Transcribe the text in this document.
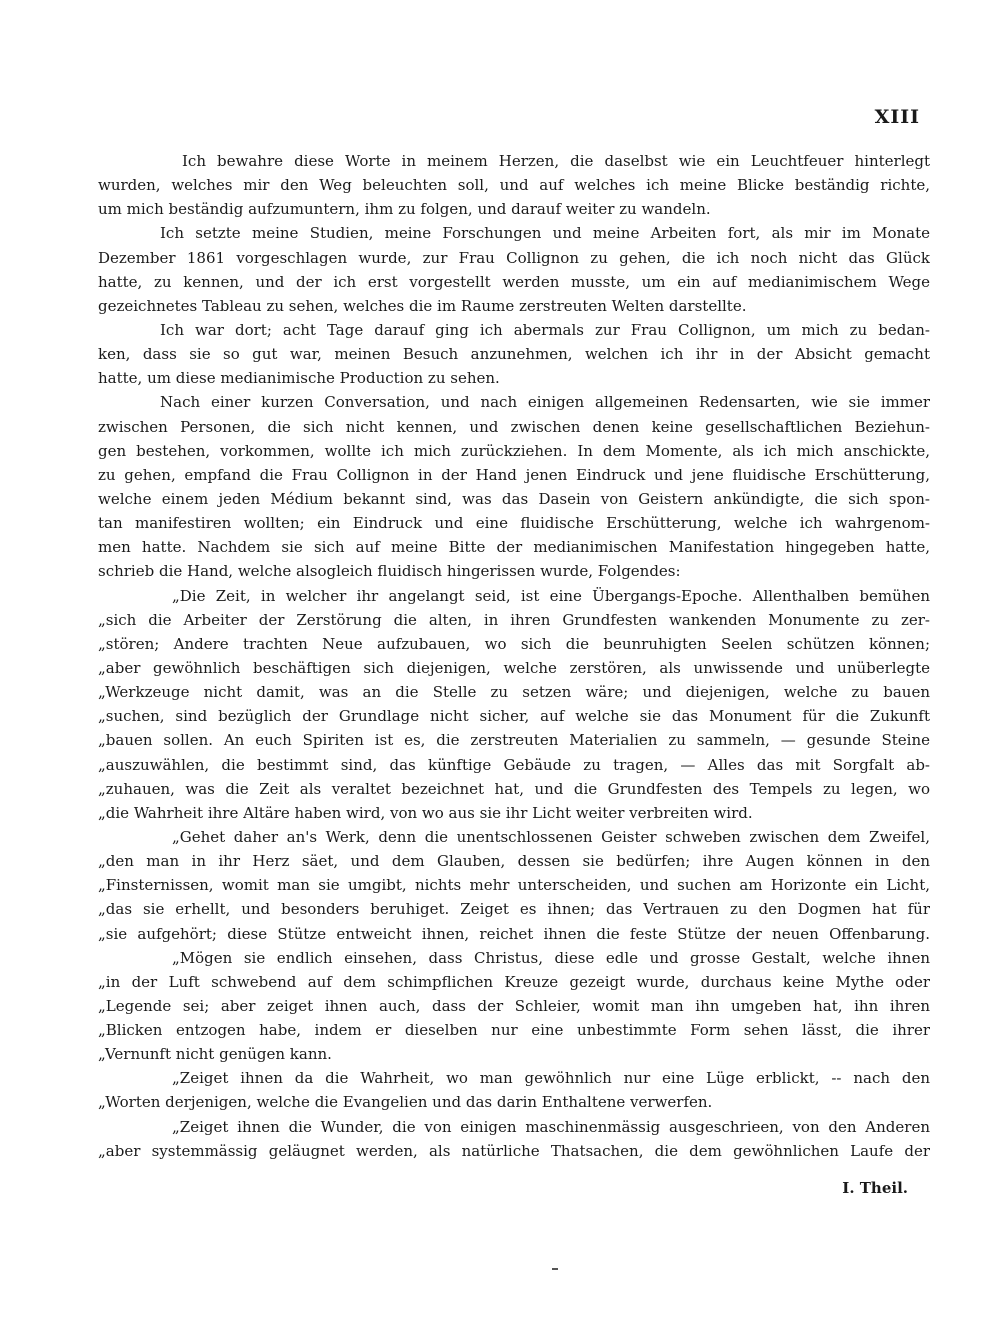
XIII
Ich bewahre diese Worte in meinem Herzen, die daselbst wie ein Leuchtfeuer hinterlegt
wurden, welches mir den Weg beleuchten soll, und auf welches ich meine Blicke beständig richte,
um mich beständig aufzumuntern, ihm zu folgen, und darauf weiter zu wandeln.
Ich setzte meine Studien, meine Forschungen und meine Arbeiten fort, als mir im Monate
Dezember 1861 vorgeschlagen wurde, zur Frau Collignon zu gehen, die ich noch nicht das Glück
hatte, zu kennen, und der ich erst vorgestellt werden musste, um ein auf medianimischem Wege
gezeichnetes Tableau zu sehen, welches die im Raume zerstreuten Welten darstellte.
Ich war dort; acht Tage darauf ging ich abermals zur Frau Collignon, um mich zu bedan-
ken, dass sie so gut war, meinen Besuch anzunehmen, welchen ich ihr in der Absicht gemacht
hatte, um diese medianimische Production zu sehen.
Nach einer kurzen Conversation, und nach einigen allgemeinen Redensarten, wie sie immer
zwischen Personen, die sich nicht kennen, und zwischen denen keine gesellschaftlichen Beziehun-
gen bestehen, vorkommen, wollte ich mich zurückziehen. In dem Momente, als ich mich anschickte,
zu gehen, empfand die Frau Collignon in der Hand jenen Eindruck und jene fluidische Erschütterung,
welche einem jeden Médium bekannt sind, was das Dasein von Geistern ankündigte, die sich spon-
tan manifestiren wollten; ein Eindruck und eine fluidische Erschütterung, welche ich wahrgenom-
men hatte. Nachdem sie sich auf meine Bitte der medianimischen Manifestation hingegeben hatte,
schrieb die Hand, welche alsogleich fluidisch hingerissen wurde, Folgendes:
„Die Zeit, in welcher ihr angelangt seid, ist eine Übergangs-Epoche. Allenthalben bemühen
„sich die Arbeiter der Zerstörung die alten, in ihren Grundfesten wankenden Monumente zu zer-
„stören; Andere trachten Neue aufzubauen, wo sich die beunruhigten Seelen schützen können;
„aber gewöhnlich beschäftigen sich diejenigen, welche zerstören, als unwissende und unüberlegte
„Werkzeuge nicht damit, was an die Stelle zu setzen wäre; und diejenigen, welche zu bauen
„suchen, sind bezüglich der Grundlage nicht sicher, auf welche sie das Monument für die Zukunft
„bauen sollen. An euch Spiriten ist es, die zerstreuten Materialien zu sammeln, — gesunde Steine
„auszuwählen, die bestimmt sind, das künftige Gebäude zu tragen, — Alles das mit Sorgfalt ab-
„zuhauen, was die Zeit als veraltet bezeichnet hat, und die Grundfesten des Tempels zu legen, wo
„die Wahrheit ihre Altäre haben wird, von wo aus sie ihr Licht weiter verbreiten wird.
„Gehet daher an's Werk, denn die unentschlossenen Geister schweben zwischen dem Zweifel,
„den man in ihr Herz säet, und dem Glauben, dessen sie bedürfen; ihre Augen können in den
„Finsternissen, womit man sie umgibt, nichts mehr unterscheiden, und suchen am Horizonte ein Licht,
„das sie erhellt, und besonders beruhiget. Zeiget es ihnen; das Vertrauen zu den Dogmen hat für
„sie aufgehört; diese Stütze entweicht ihnen, reichet ihnen die feste Stütze der neuen Offenbarung.
„Mögen sie endlich einsehen, dass Christus, diese edle und grosse Gestalt, welche ihnen
„in der Luft schwebend auf dem schimpflichen Kreuze gezeigt wurde, durchaus keine Mythe oder
„Legende sei; aber zeiget ihnen auch, dass der Schleier, womit man ihn umgeben hat, ihn ihren
„Blicken entzogen habe, indem er dieselben nur eine unbestimmte Form sehen lässt, die ihrer
„Vernunft nicht genügen kann.
„Zeiget ihnen da die Wahrheit, wo man gewöhnlich nur eine Lüge erblickt, -- nach den
„Worten derjenigen, welche die Evangelien und das darin Enthaltene verwerfen.
„Zeiget ihnen die Wunder, die von einigen maschinenmässig ausgeschrieen, von den Anderen
„aber systemmässig geläugnet werden, als natürliche Thatsachen, die dem gewöhnlichen Laufe der
I. Theil.
